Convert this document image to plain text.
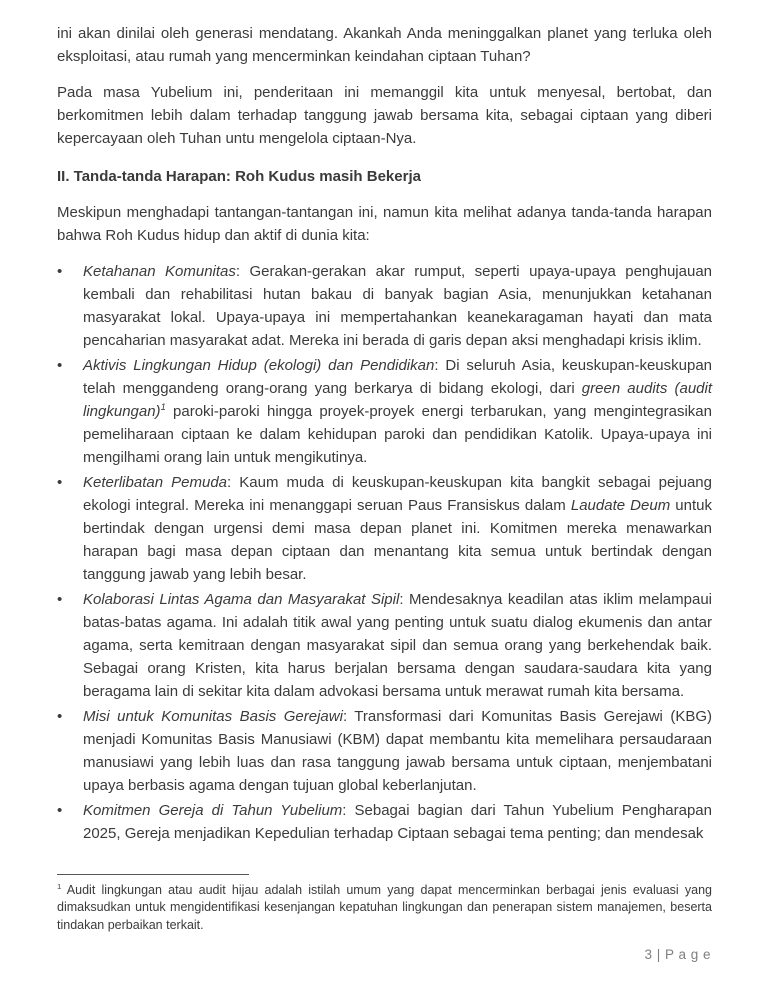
ini akan dinilai oleh generasi mendatang. Akankah Anda meninggalkan planet yang terluka oleh eksploitasi, atau rumah yang mencerminkan keindahan ciptaan Tuhan?

Pada masa Yubelium ini, penderitaan ini memanggil kita untuk menyesal, bertobat, dan berkomitmen lebih dalam terhadap tanggung jawab bersama kita, sebagai ciptaan yang diberi kepercayaan oleh Tuhan untu mengelola ciptaan-Nya.

II. Tanda-tanda Harapan: Roh Kudus masih Bekerja

Meskipun menghadapi tantangan-tantangan ini, namun kita melihat adanya tanda-tanda harapan bahwa Roh Kudus hidup dan aktif di dunia kita:

•	Ketahanan Komunitas: Gerakan-gerakan akar rumput, seperti upaya-upaya penghujauan kembali dan rehabilitasi hutan bakau di banyak bagian Asia, menunjukkan ketahanan masyarakat lokal. Upaya-upaya ini mempertahankan keanekaragaman hayati dan mata pencaharian masyarakat adat. Mereka ini berada di garis depan aksi menghadapi krisis iklim.
•	Aktivis Lingkungan Hidup (ekologi) dan Pendidikan: Di seluruh Asia, keuskupan-keuskupan telah menggandeng orang-orang yang berkarya di bidang ekologi, dari green audits (audit lingkungan)$^1$ paroki-paroki hingga proyek-proyek energi terbarukan, yang mengintegrasikan pemeliharaan ciptaan ke dalam kehidupan paroki dan pendidikan Katolik. Upaya-upaya ini mengilhami orang lain untuk mengikutinya.
•	Keterlibatan Pemuda: Kaum muda di keuskupan-keuskupan kita bangkit sebagai pejuang ekologi integral. Mereka ini menanggapi seruan Paus Fransiskus dalam Laudate Deum untuk bertindak dengan urgensi demi masa depan planet ini. Komitmen mereka menawarkan harapan bagi masa depan ciptaan dan menantang kita semua untuk bertindak dengan tanggung jawab yang lebih besar.
•	Kolaborasi Lintas Agama dan Masyarakat Sipil: Mendesaknya keadilan atas iklim melampaui batas-batas agama. Ini adalah titik awal yang penting untuk suatu dialog ekumenis dan antar agama, serta kemitraan dengan masyarakat sipil dan semua orang yang berkehendak baik. Sebagai orang Kristen, kita harus berjalan bersama dengan saudara-saudara kita yang beragama lain di sekitar kita dalam advokasi bersama untuk merawat rumah kita bersama.
•	Misi untuk Komunitas Basis Gerejawi: Transformasi dari Komunitas Basis Gerejawi (KBG) menjadi Komunitas Basis Manusiawi (KBM) dapat membantu kita memelihara persaudaraan manusiawi yang lebih luas dan rasa tanggung jawab bersama untuk ciptaan, menjembatani upaya berbasis agama dengan tujuan global keberlanjutan.
•	Komitmen Gereja di Tahun Yubelium: Sebagai bagian dari Tahun Yubelium Pengharapan 2025, Gereja menjadikan Kepedulian terhadap Ciptaan sebagai tema penting; dan mendesak

$^1$ Audit lingkungan atau audit hijau adalah istilah umum yang dapat mencerminkan berbagai jenis evaluasi yang dimaksudkan untuk mengidentifikasi kesenjangan kepatuhan lingkungan dan penerapan sistem manajemen, beserta tindakan perbaikan terkait.

3 | P a g e
